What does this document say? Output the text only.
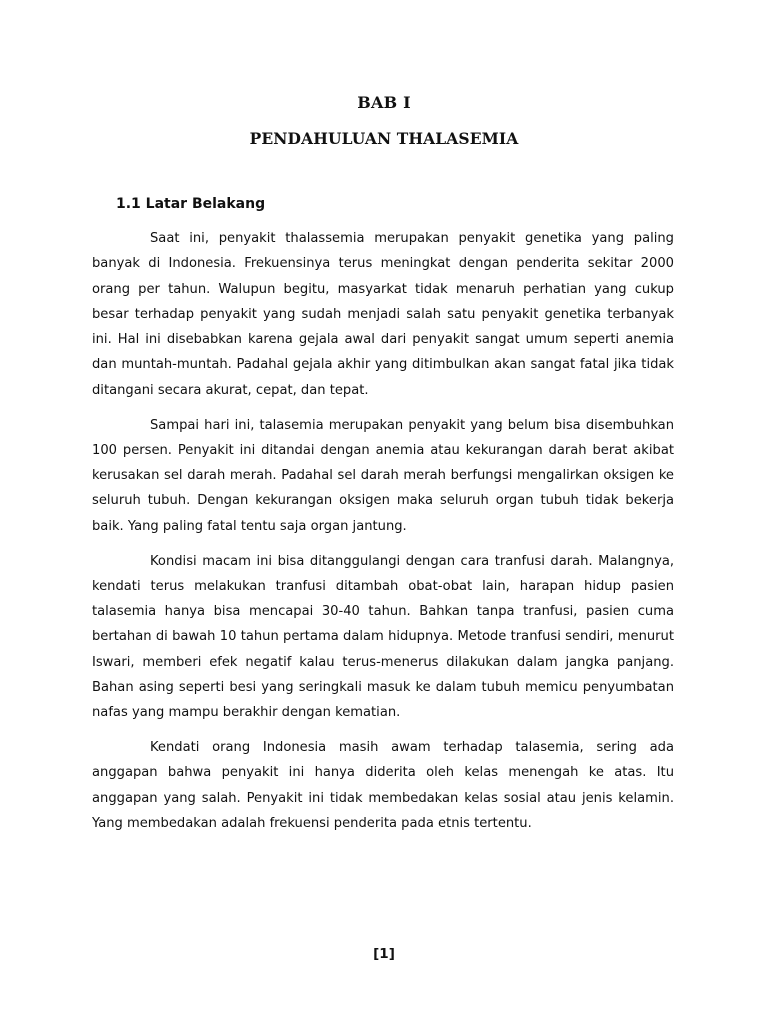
BAB I
PENDAHULUAN THALASEMIA
1.1 Latar Belakang

Saat ini, penyakit thalassemia merupakan penyakit genetika yang paling banyak di Indonesia. Frekuensinya terus meningkat dengan penderita sekitar 2000 orang per tahun. Walupun begitu, masyarkat tidak menaruh perhatian yang cukup besar terhadap penyakit yang sudah menjadi salah satu penyakit genetika terbanyak ini. Hal ini disebabkan karena gejala awal dari penyakit sangat umum seperti anemia dan muntah-muntah. Padahal gejala akhir yang ditimbulkan akan sangat fatal jika tidak ditangani secara akurat, cepat, dan tepat.

Sampai hari ini, talasemia merupakan penyakit yang belum bisa disembuhkan 100 persen. Penyakit ini ditandai dengan anemia atau kekurangan darah berat akibat kerusakan sel darah merah. Padahal sel darah merah berfungsi mengalirkan oksigen ke seluruh tubuh. Dengan kekurangan oksigen maka seluruh organ tubuh tidak bekerja baik. Yang paling fatal tentu saja organ jantung.

Kondisi macam ini bisa ditanggulangi dengan cara tranfusi darah. Malangnya, kendati terus melakukan tranfusi ditambah obat-obat lain, harapan hidup pasien talasemia hanya bisa mencapai 30-40 tahun. Bahkan tanpa tranfusi, pasien cuma bertahan di bawah 10 tahun pertama dalam hidupnya. Metode tranfusi sendiri, menurut Iswari, memberi efek negatif kalau terus-menerus dilakukan dalam jangka panjang. Bahan asing seperti besi yang seringkali masuk ke dalam tubuh memicu penyumbatan nafas yang mampu berakhir dengan kematian.

Kendati orang Indonesia masih awam terhadap talasemia, sering ada anggapan bahwa penyakit ini hanya diderita oleh kelas menengah ke atas. Itu anggapan yang salah. Penyakit ini tidak membedakan kelas sosial atau jenis kelamin. Yang membedakan adalah frekuensi penderita pada etnis tertentu.

[1]
